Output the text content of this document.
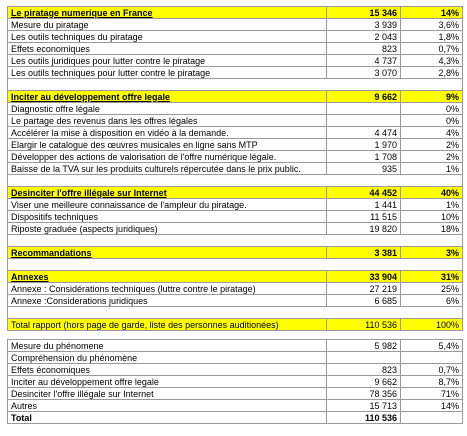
Le piratage numerique en France	15 346	14%
Mesure du piratage	3 939	3,6%
Les outils techniques du piratage	2 043	1,8%
Effets economiques	823	0,7%
Les outils juridiques pour lutter contre le piratage	4 737	4,3%
Les outils techniques pour lutter contre le piratage	3 070	2,8%

Inciter au développement offre legale	9 662	9%
Diagnostic offre légale		0%
Le partage des revenus dans les offres légales		0%
Accélérer la mise à disposition en vidéo à la demande.	4 474	4%
Elargir le catalogue des œuvres musicales en ligne sans MTP	1 970	2%
Développer des actions de valorisation de l'offre numérique légale.	1 708	2%
Baisse de la TVA sur les produits culturels répercutée dans le prix public.	935	1%

Desinciter l'offre illégale sur Internet	44 452	40%
Viser une meilleure connaissance de l'ampleur du piratage.	1 441	1%
Dispositifs techniques	11 515	10%
Riposte graduée (aspects juridiques)	19 820	18%

Recommandations	3 381	3%

Annexes	33 904	31%
Annexe : Considérations techniques (luttre contre le piratage)	27 219	25%
Annexe :Considerations juridiques	6 685	6%

Total rapport (hors page de garde, liste des personnes auditionées)	110 536	100%
Mesure du phénomene	5 982	5,4%
Compréhension du phénomène		
Effets économiques	823	0,7%
Inciter au développement offre legale	9 662	8,7%
Desinciter l'offre illégale sur Internet	78 356	71%
Autres	15 713	14%
Total	110 536	
